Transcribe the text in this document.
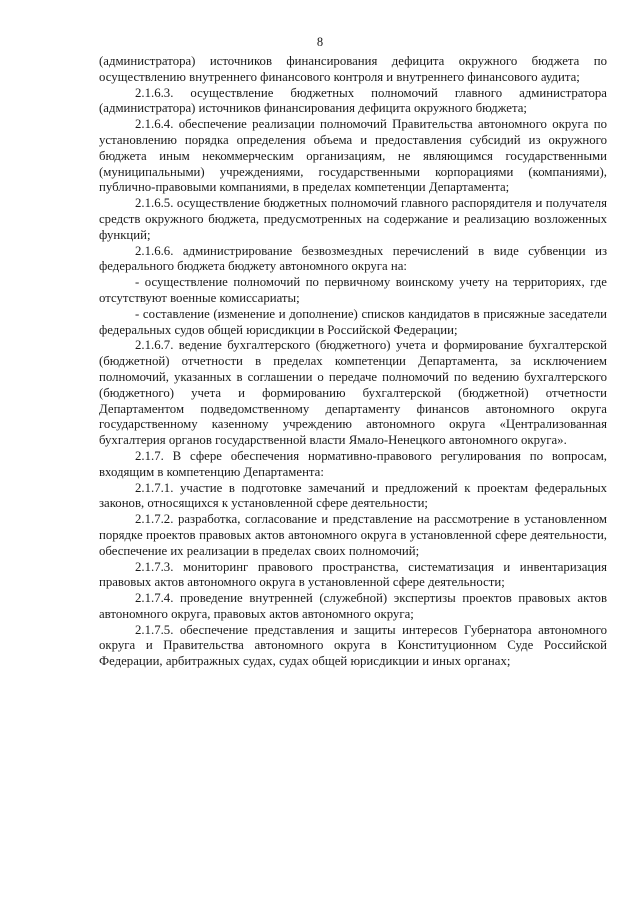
8

(администратора) источников финансирования дефицита окружного бюджета по осуществлению внутреннего финансового контроля и внутреннего финансового аудита;

2.1.6.3. осуществление бюджетных полномочий главного администратора (администратора) источников финансирования дефицита окружного бюджета;

2.1.6.4. обеспечение реализации полномочий Правительства автономного округа по установлению порядка определения объема и предоставления субсидий из окружного бюджета иным некоммерческим организациям, не являющимся государственными (муниципальными) учреждениями, государственными корпорациями (компаниями), публично-правовыми компаниями, в пределах компетенции Департамента;

2.1.6.5. осуществление бюджетных полномочий главного распорядителя и получателя средств окружного бюджета, предусмотренных на содержание и реализацию возложенных функций;

2.1.6.6. администрирование безвозмездных перечислений в виде субвенции из федерального бюджета бюджету автономного округа на:

- осуществление полномочий по первичному воинскому учету на территориях, где отсутствуют военные комиссариаты;

- составление (изменение и дополнение) списков кандидатов в присяжные заседатели федеральных судов общей юрисдикции в Российской Федерации;

2.1.6.7. ведение бухгалтерского (бюджетного) учета и формирование бухгалтерской (бюджетной) отчетности в пределах компетенции Департамента, за исключением полномочий, указанных в соглашении о передаче полномочий по ведению бухгалтерского (бюджетного) учета и формированию бухгалтерской (бюджетной) отчетности Департаментом подведомственному департаменту финансов автономного округа государственному казенному учреждению автономного округа «Централизованная бухгалтерия органов государственной власти Ямало-Ненецкого автономного округа».

2.1.7. В сфере обеспечения нормативно-правового регулирования по вопросам, входящим в компетенцию Департамента:

2.1.7.1. участие в подготовке замечаний и предложений к проектам федеральных законов, относящихся к установленной сфере деятельности;

2.1.7.2. разработка, согласование и представление на рассмотрение в установленном порядке проектов правовых актов автономного округа в установленной сфере деятельности, обеспечение их реализации в пределах своих полномочий;

2.1.7.3. мониторинг правового пространства, систематизация и инвентаризация правовых актов автономного округа в установленной сфере деятельности;

2.1.7.4. проведение внутренней (служебной) экспертизы проектов правовых актов автономного округа, правовых актов автономного округа;

2.1.7.5. обеспечение представления и защиты интересов Губернатора автономного округа и Правительства автономного округа в Конституционном Суде Российской Федерации, арбитражных судах, судах общей юрисдикции и иных органах;
